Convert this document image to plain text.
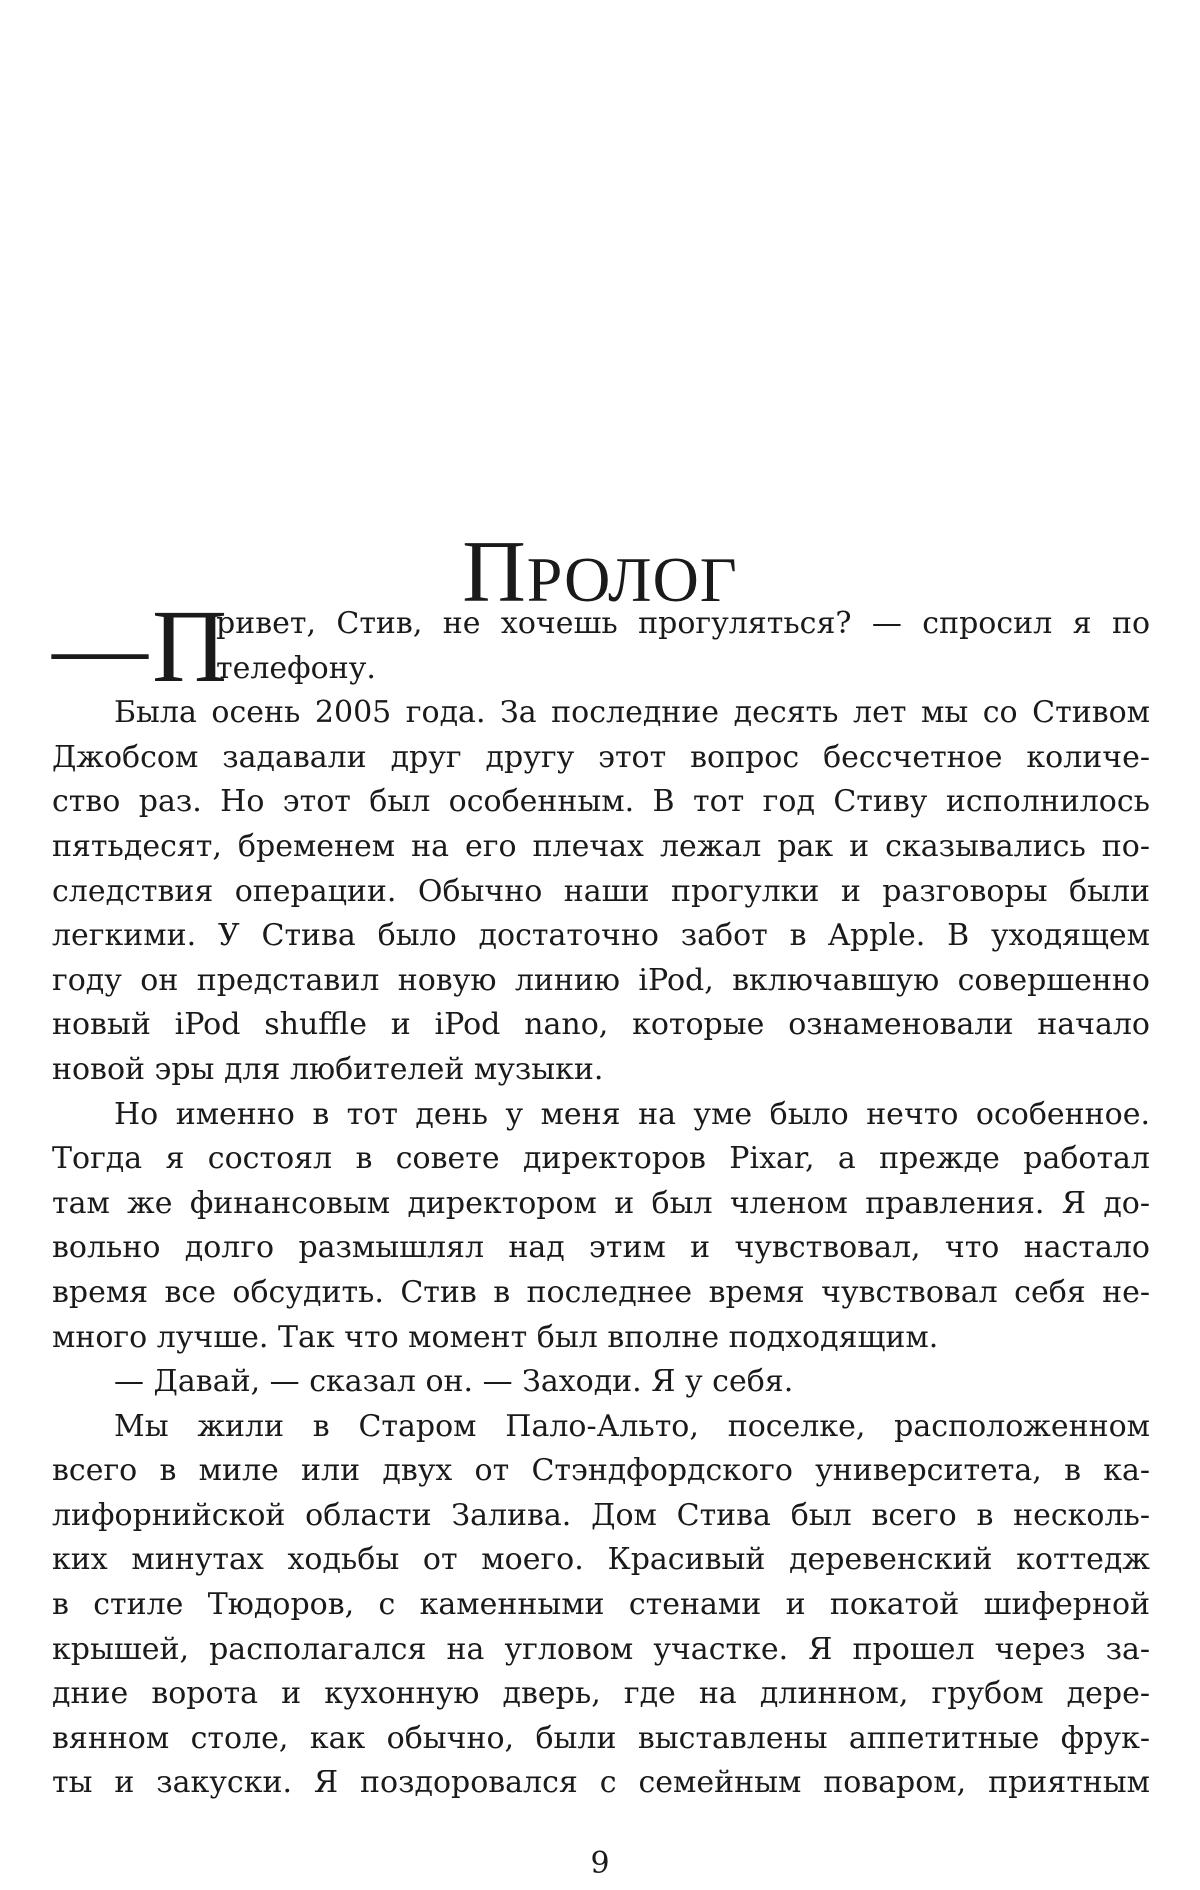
ПРОЛОГ
— П
ривет, Стив, не хочешь прогуляться? — спросил я по
телефону.
Была осень 2005 года. За последние десять лет мы со Стивом
Джобсом задавали друг другу этот вопрос бессчетное количе-
ство раз. Но этот был особенным. В тот год Стиву исполнилось
пятьдесят, бременем на его плечах лежал рак и сказывались по-
следствия операции. Обычно наши прогулки и разговоры были
легкими. У Стива было достаточно забот в Apple. В уходящем
году он представил новую линию iPod, включавшую совершенно
новый iPod shuffle и iPod nano, которые ознаменовали начало
новой эры для любителей музыки.
Но именно в тот день у меня на уме было нечто особенное.
Тогда я состоял в совете директоров Pixar, а прежде работал
там же финансовым директором и был членом правления. Я до-
вольно долго размышлял над этим и чувствовал, что настало
время все обсудить. Стив в последнее время чувствовал себя не-
много лучше. Так что момент был вполне подходящим.
— Давай, — сказал он. — Заходи. Я у себя.
Мы жили в Старом Пало-Альто, поселке, расположенном
всего в миле или двух от Стэндфордского университета, в ка-
лифорнийской области Залива. Дом Стива был всего в несколь-
ких минутах ходьбы от моего. Красивый деревенский коттедж
в стиле Тюдоров, с каменными стенами и покатой шиферной
крышей, располагался на угловом участке. Я прошел через за-
дние ворота и кухонную дверь, где на длинном, грубом дере-
вянном столе, как обычно, были выставлены аппетитные фрук-
ты и закуски. Я поздоровался с семейным поваром, приятным
9
